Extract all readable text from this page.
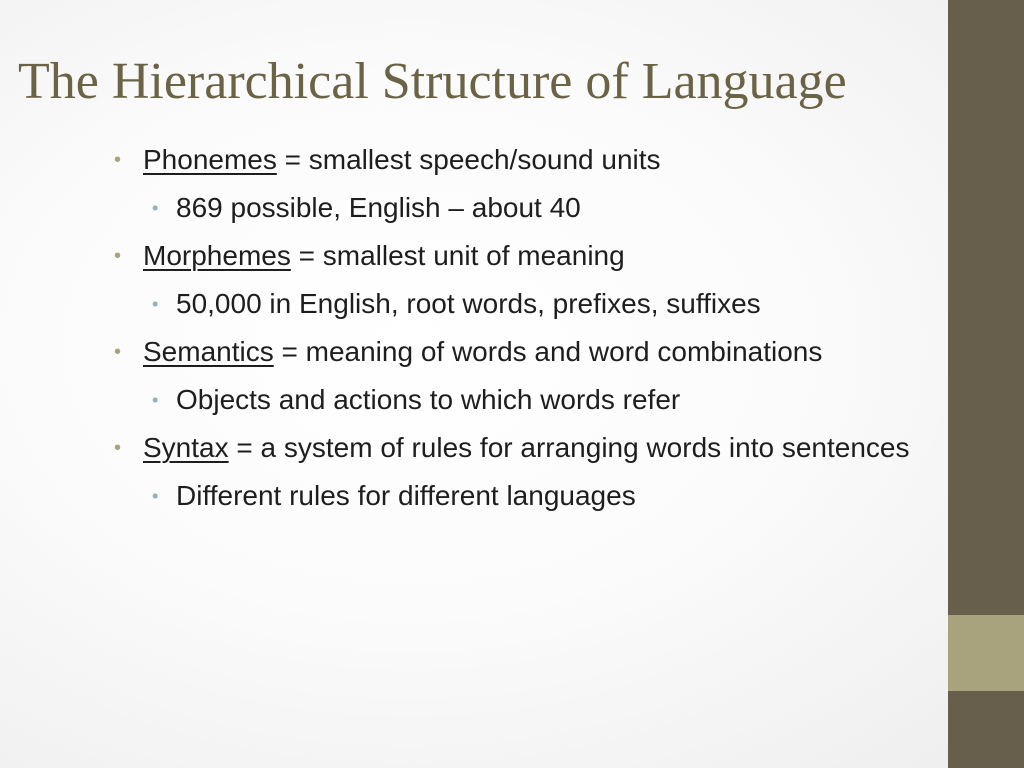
The Hierarchical Structure of Language
• Phonemes = smallest speech/sound units
• 869 possible, English – about 40
• Morphemes = smallest unit of meaning
• 50,000 in English, root words, prefixes, suffixes
• Semantics = meaning of words and word combinations
• Objects and actions to which words refer
• Syntax = a system of rules for arranging words into sentences
• Different rules for different languages
